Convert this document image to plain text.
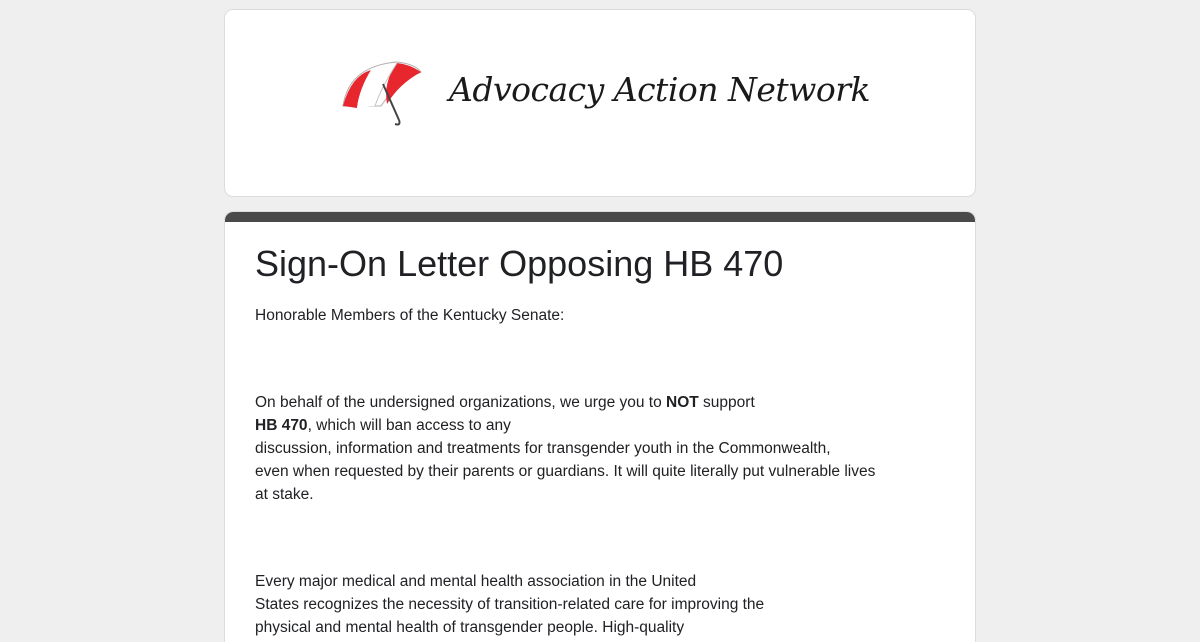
Advocacy Action Network
Sign-On Letter Opposing HB 470
Honorable Members of the Kentucky Senate:
On behalf of the undersigned organizations, we urge you to NOT support
HB 470, which will ban access to any
discussion, information and treatments for transgender youth in the Commonwealth,
even when requested by their parents or guardians. It will quite literally put vulnerable lives
at stake.
Every major medical and mental health association in the United
States recognizes the necessity of transition-related care for improving the
physical and mental health of transgender people. High-quality
